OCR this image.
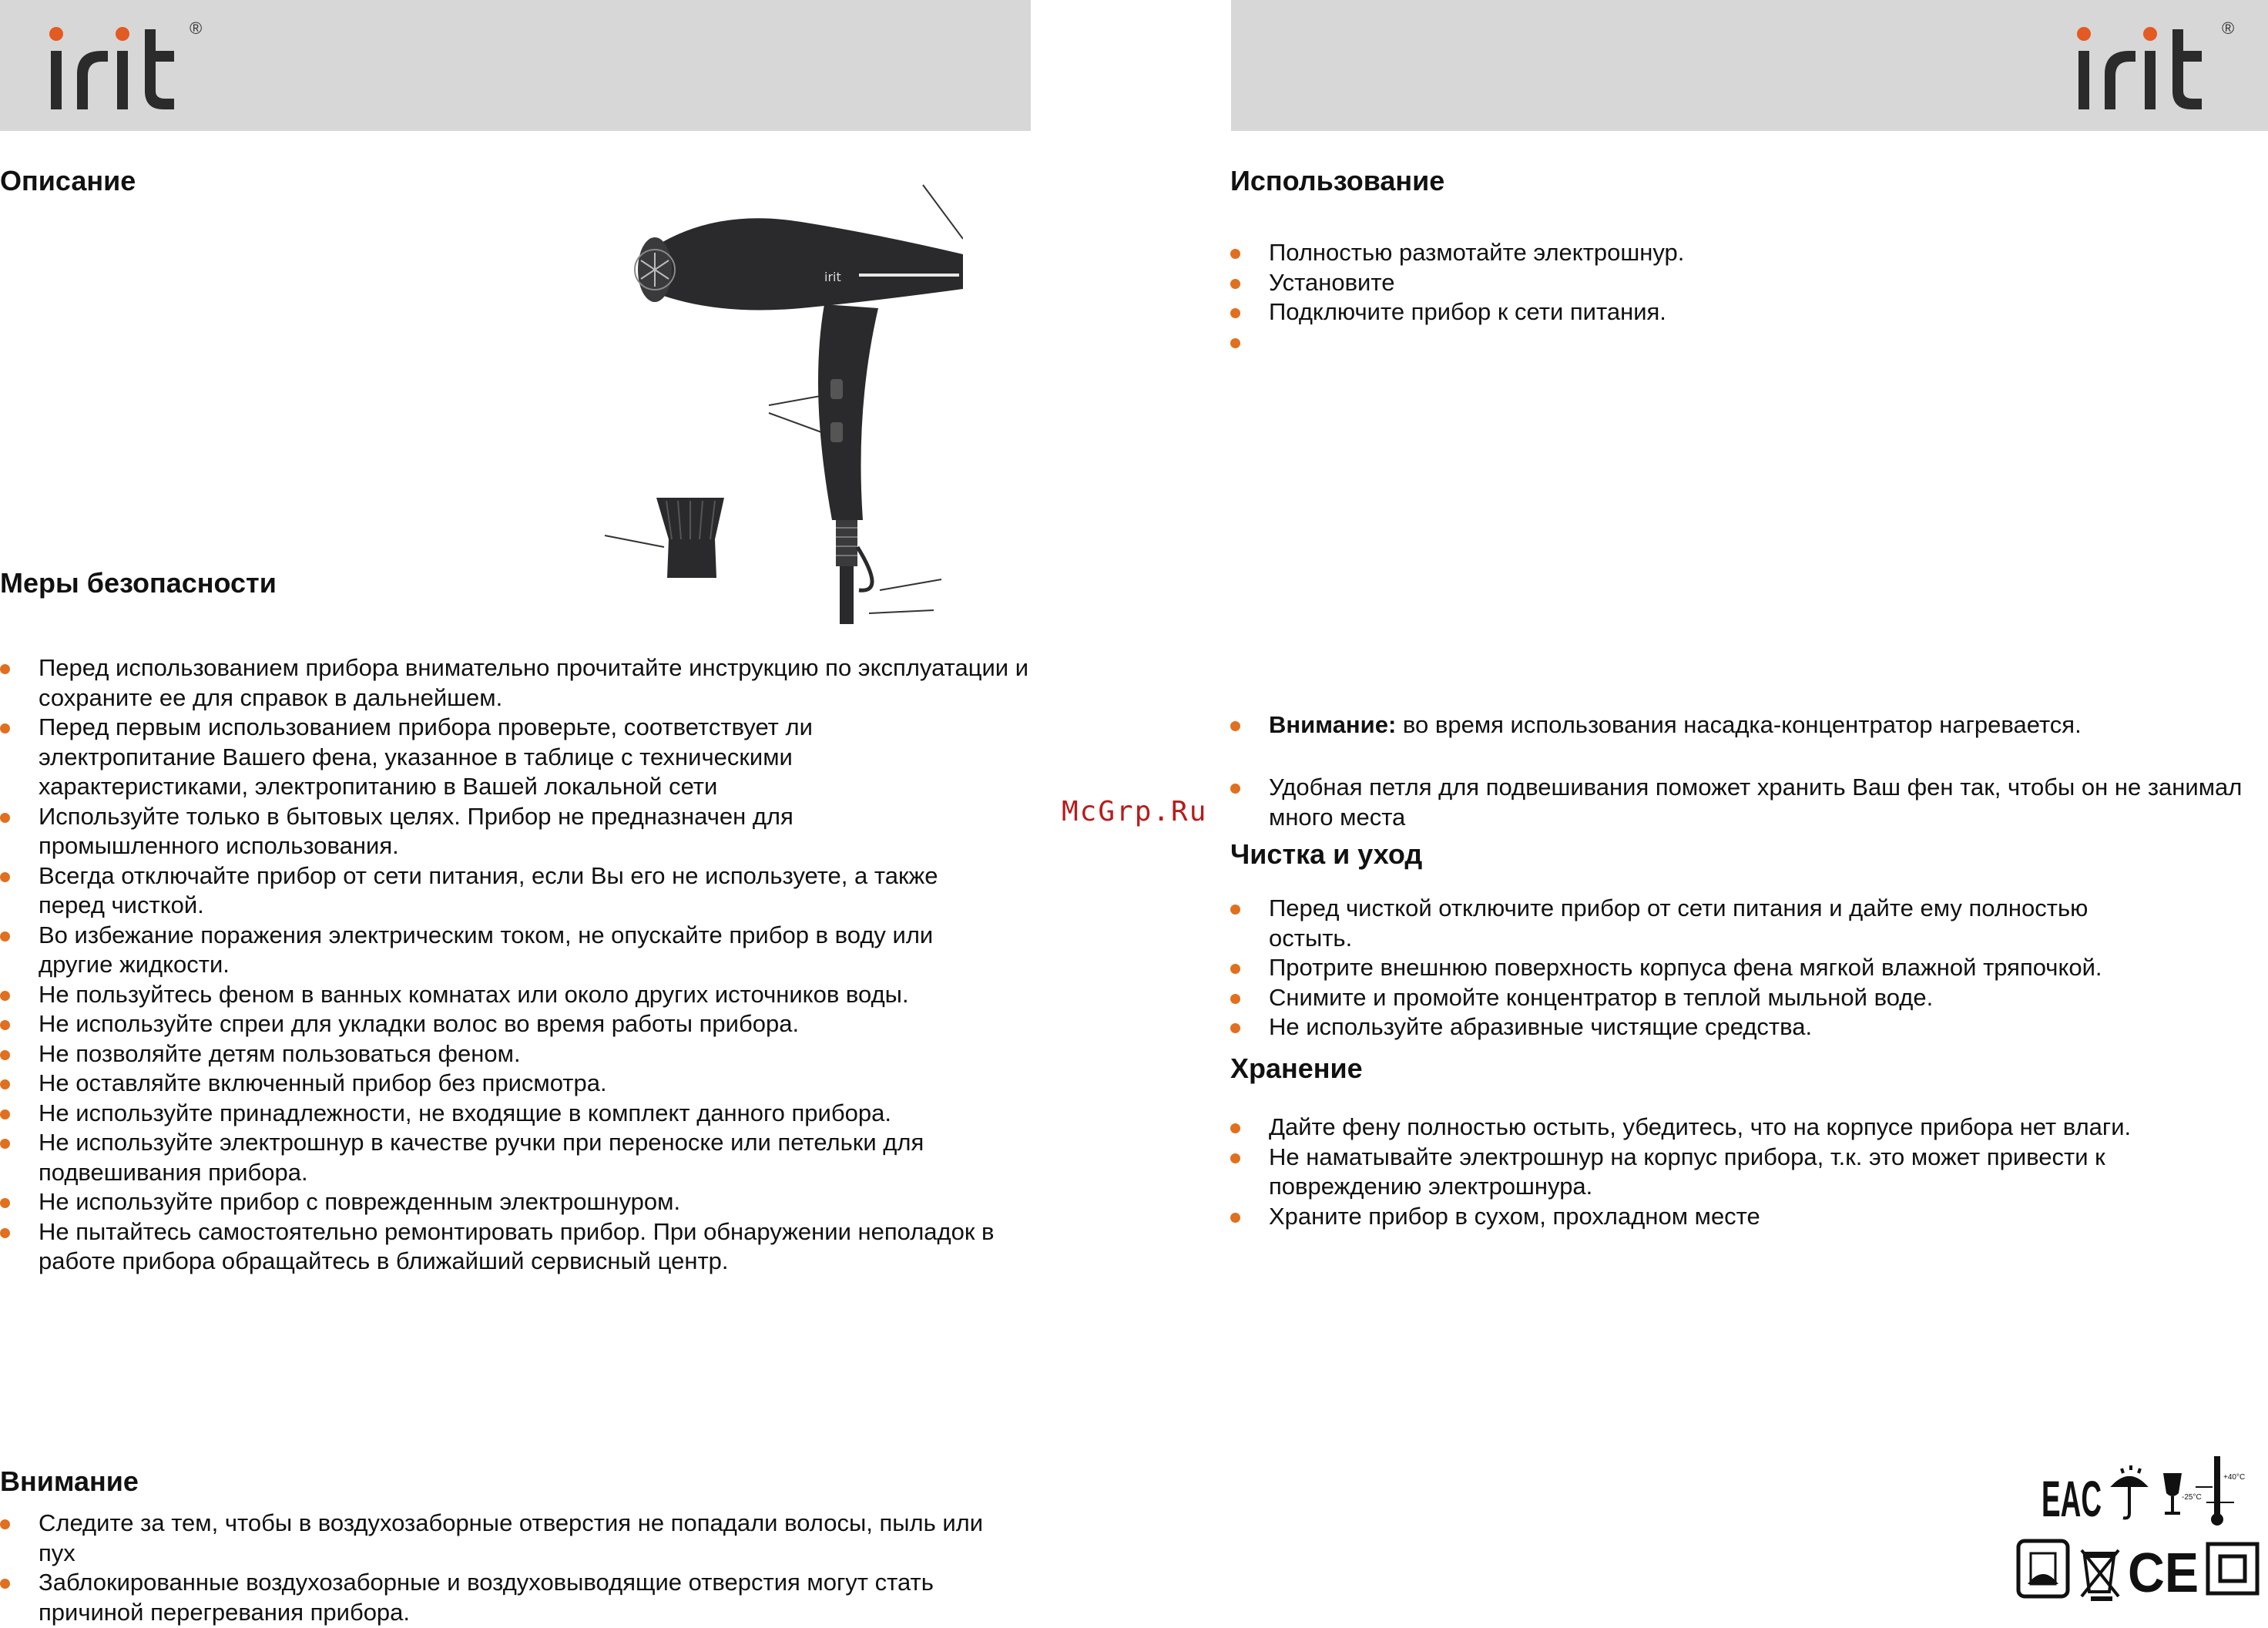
®	®
Описание
irit
Меры безопасности
Перед использованием прибора внимательно прочитайте инструкцию по эксплуатации и сохраните ее для справок в дальнейшем.
Перед первым использованием прибора проверьте, соответствует ли электропитание Вашего фена, указанное в таблице с техническими характеристиками, электропитанию в Вашей локальной сети
Используйте только в бытовых целях. Прибор не предназначен для промышленного использования.
Всегда отключайте прибор от сети питания, если Вы его не используете, а также перед чисткой.
Во избежание поражения электрическим током, не опускайте прибор в воду или другие жидкости.
Не пользуйтесь феном в ванных комнатах или около других источников воды.
Не используйте спреи для укладки волос во время работы прибора.
Не позволяйте детям пользоваться феном.
Не оставляйте включенный прибор без присмотра.
Не используйте принадлежности, не входящие в комплект данного прибора.
Не используйте электрошнур в качестве ручки при переноске или петельки для подвешивания прибора.
Не используйте прибор с поврежденным электрошнуром.
Не пытайтесь самостоятельно ремонтировать прибор. При обнаружении неполадок в работе прибора обращайтесь в ближайший сервисный центр.
Внимание
Следите за тем, чтобы в воздухозаборные отверстия не попадали волосы, пыль или пух
Заблокированные воздухозаборные и воздуховыводящие отверстия могут стать причиной перегревания прибора.
McGrp.Ru
Использование
Полностью размотайте электрошнур.
Установите
Подключите прибор к сети питания.
Внимание: во время использования насадка-концентратор нагревается.
Удобная петля для подвешивания поможет хранить Ваш фен так, чтобы он не занимал много места
Чистка и уход
Перед чисткой отключите прибор от сети питания и дайте ему полностью остыть.
Протрите внешнюю поверхность корпуса фена мягкой влажной тряпочкой.
Снимите и промойте концентратор в теплой мыльной воде.
Не используйте абразивные чистящие средства.
Хранение
Дайте фену полностью остыть, убедитесь, что на корпусе прибора нет влаги.
Не наматывайте электрошнур на корпус прибора, т.к. это может привести к повреждению электрошнура.
Храните прибор в сухом, прохладном месте
EAC	-25°C
+40°C
CE
